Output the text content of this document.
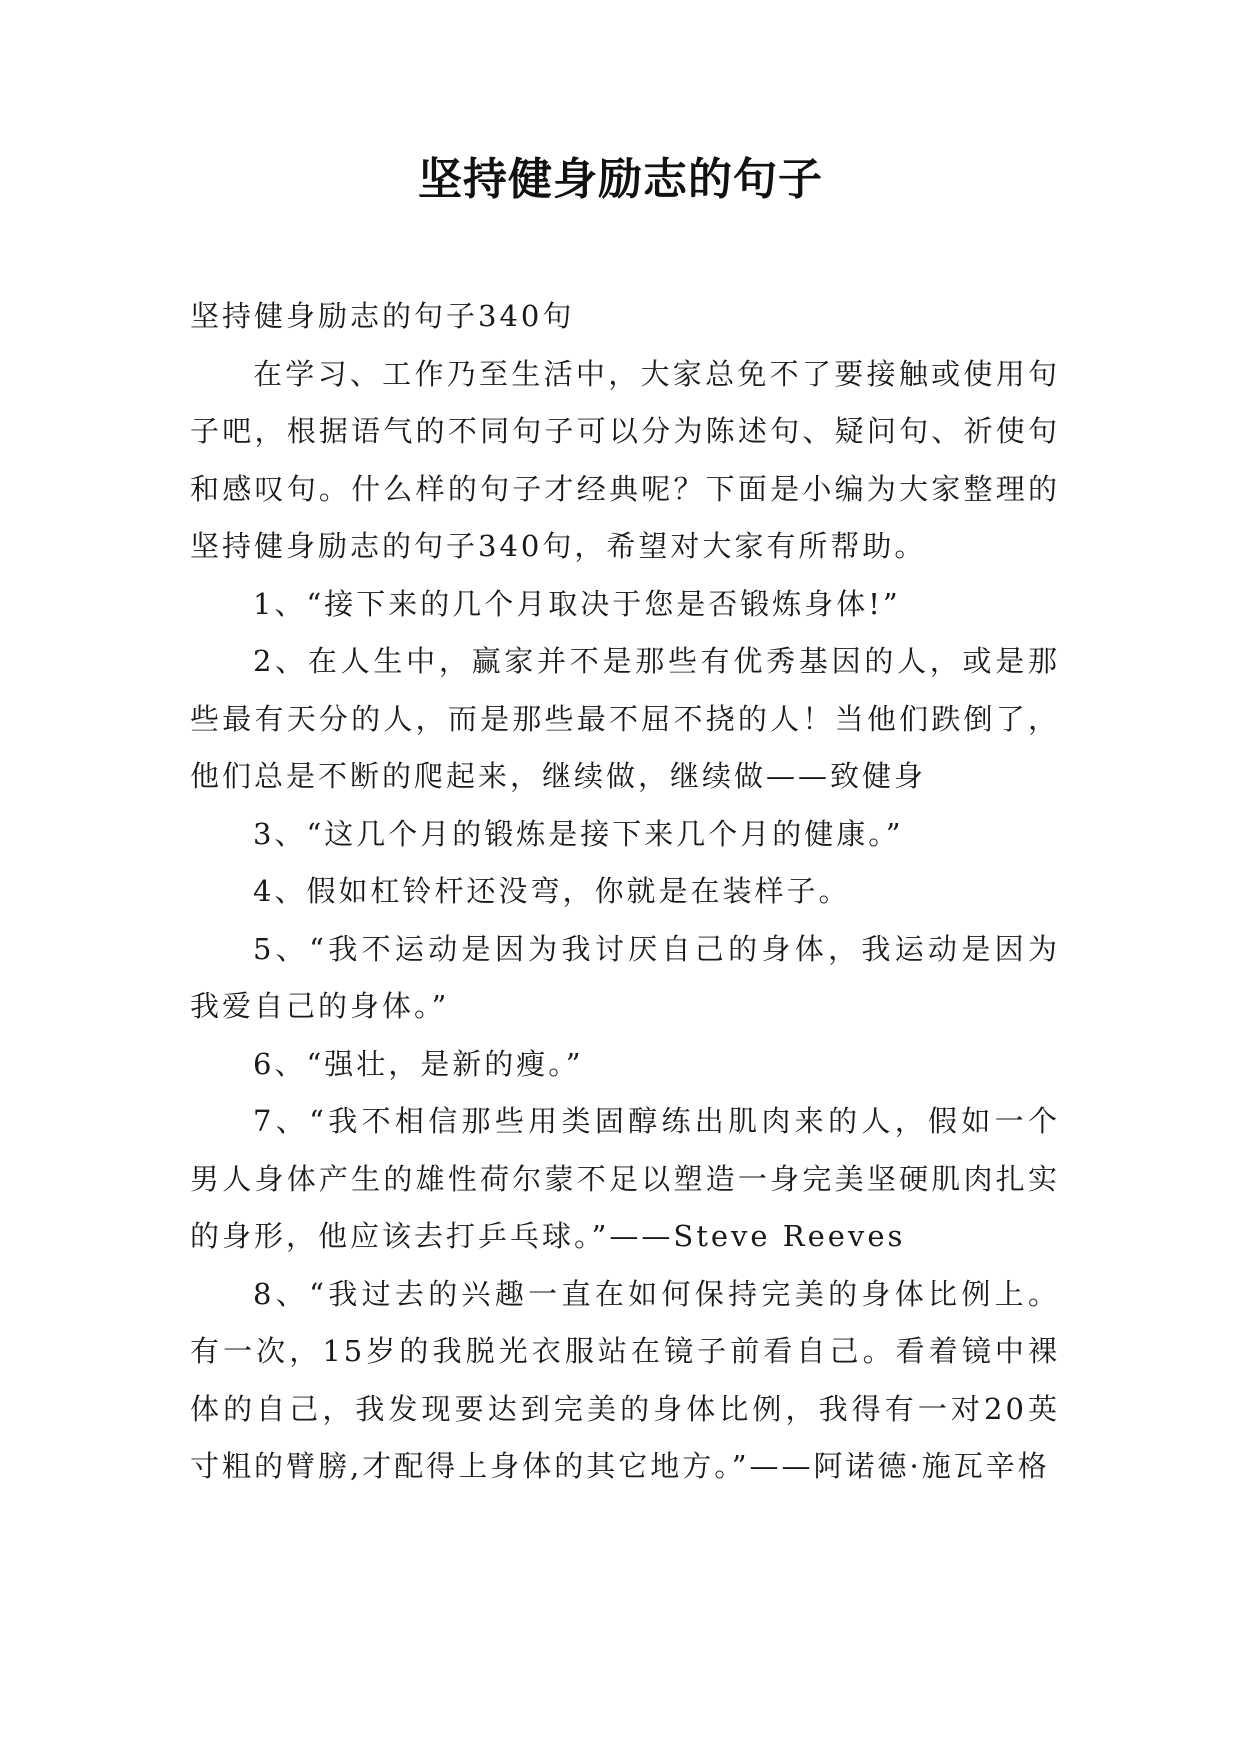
坚持健身励志的句子

坚持健身励志的句子340句

在学习、工作乃至生活中，大家总免不了要接触或使用句子吧，根据语气的不同句子可以分为陈述句、疑问句、祈使句和感叹句。什么样的句子才经典呢？下面是小编为大家整理的坚持健身励志的句子340句，希望对大家有所帮助。

1、“接下来的几个月取决于您是否锻炼身体!”

2、在人生中，赢家并不是那些有优秀基因的人，或是那些最有天分的人，而是那些最不屈不挠的人！当他们跌倒了，他们总是不断的爬起来，继续做，继续做——致健身

3、“这几个月的锻炼是接下来几个月的健康。”

4、假如杠铃杆还没弯，你就是在装样子。

5、“我不运动是因为我讨厌自己的身体，我运动是因为我爱自己的身体。”

6、“强壮，是新的瘦。”

7、“我不相信那些用类固醇练出肌肉来的人，假如一个男人身体产生的雄性荷尔蒙不足以塑造一身完美坚硬肌肉扎实的身形，他应该去打乒乓球。”——Steve Reeves

8、“我过去的兴趣一直在如何保持完美的身体比例上。有一次，15岁的我脱光衣服站在镜子前看自己。看着镜中裸体的自己，我发现要达到完美的身体比例，我得有一对20英寸粗的臂膀,才配得上身体的其它地方。”——阿诺德·施瓦辛格
